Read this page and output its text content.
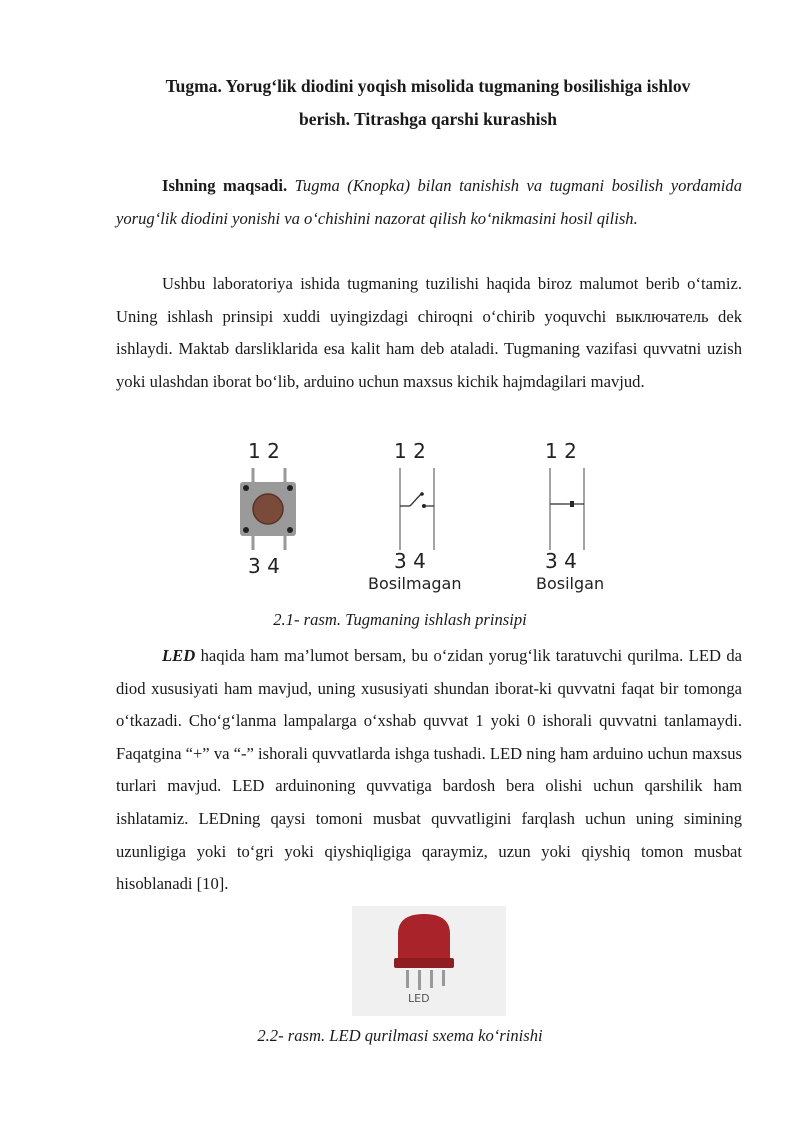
Tugma. Yorug‘lik diodini yoqish misolida tugmaning bosilishiga ishlov
berish. Titrashga qarshi kurashish

Ishning maqsadi. Tugma (Knopka) bilan tanishish va tugmani bosilish yordamida yorug‘lik diodini yonishi va o‘chishini nazorat qilish ko‘nikmasini hosil qilish.

Ushbu laboratoriya ishida tugmaning tuzilishi haqida biroz malumot berib o‘tamiz. Uning ishlash prinsipi xuddi uyingizdagi chiroqni o‘chirib yoquvchi выключатель dek ishlaydi. Maktab darsliklarida esa kalit ham deb ataladi. Tugmaning vazifasi quvvatni uzish yoki ulashdan iborat bo‘lib, arduino uchun maxsus kichik hajmdagilari mavjud.

1 2
3 4
1 2
3 4
Bosilmagan
1 2
3 4
Bosilgan
2.1- rasm. Tugmaning ishlash prinsipi

LED haqida ham ma’lumot bersam, bu o‘zidan yorug‘lik taratuvchi qurilma. LED da diod xususiyati ham mavjud, uning xususiyati shundan iborat-ki quvvatni faqat bir tomonga o‘tkazadi. Cho‘g‘lanma lampalarga o‘xshab quvvat 1 yoki 0 ishorali quvvatni tanlamaydi. Faqatgina “+” va “-” ishorali quvvatlarda ishga tushadi. LED ning ham arduino uchun maxsus turlari mavjud. LED arduinoning quvvatiga bardosh bera olishi uchun qarshilik ham ishlatamiz. LEDning qaysi tomoni musbat quvvatligini farqlash uchun uning simining uzunligiga yoki to‘gri yoki qiyshiqligiga qaraymiz, uzun yoki qiyshiq tomon musbat hisoblanadi [10].

LED
2.2- rasm. LED qurilmasi sxema ko‘rinishi
